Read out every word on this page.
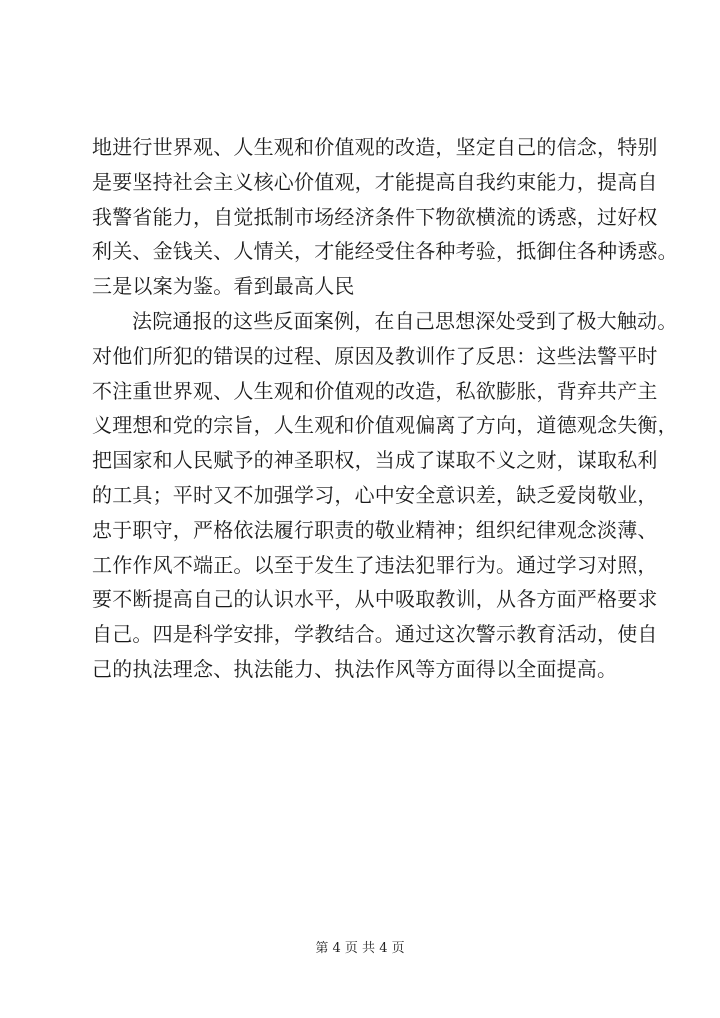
地进行世界观、人生观和价值观的改造，坚定自己的信念，特别
是要坚持社会主义核心价值观，才能提高自我约束能力，提高自
我警省能力，自觉抵制市场经济条件下物欲横流的诱惑，过好权
利关、金钱关、人情关，才能经受住各种考验，抵御住各种诱惑。
三是以案为鉴。看到最高人民
法院通报的这些反面案例，在自己思想深处受到了极大触动。
对他们所犯的错误的过程、原因及教训作了反思：这些法警平时
不注重世界观、人生观和价值观的改造，私欲膨胀，背弃共产主
义理想和党的宗旨，人生观和价值观偏离了方向，道德观念失衡，
把国家和人民赋予的神圣职权，当成了谋取不义之财，谋取私利
的工具；平时又不加强学习，心中安全意识差，缺乏爱岗敬业，
忠于职守，严格依法履行职责的敬业精神；组织纪律观念淡薄、
工作作风不端正。以至于发生了违法犯罪行为。通过学习对照，
要不断提高自己的认识水平，从中吸取教训，从各方面严格要求
自己。四是科学安排，学教结合。通过这次警示教育活动，使自
己的执法理念、执法能力、执法作风等方面得以全面提高。
第 4 页 共 4 页
